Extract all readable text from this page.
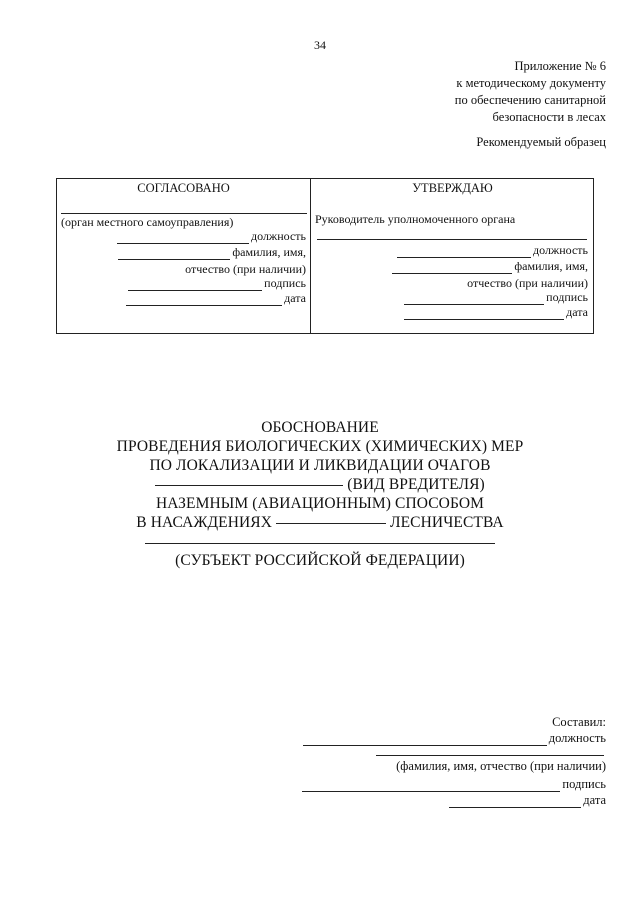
34
Приложение № 6
к методическому документу
по обеспечению санитарной
безопасности в лесах
Рекомендуемый образец
СОГЛАСОВАНО
(орган местного самоуправления)
должность
фамилия, имя,
отчество (при наличии)
подпись
дата
УТВЕРЖДАЮ
Руководитель уполномоченного органа
должность
фамилия, имя,
отчество (при наличии)
подпись
дата
ОБОСНОВАНИЕ
ПРОВЕДЕНИЯ БИОЛОГИЧЕСКИХ (ХИМИЧЕСКИХ) МЕР
ПО ЛОКАЛИЗАЦИИ И ЛИКВИДАЦИИ ОЧАГОВ
(ВИД ВРЕДИТЕЛЯ)
НАЗЕМНЫМ (АВИАЦИОННЫМ) СПОСОБОМ
В НАСАЖДЕНИЯХ	ЛЕСНИЧЕСТВА
(СУБЪЕКТ РОССИЙСКОЙ ФЕДЕРАЦИИ)
Составил:
должность
(фамилия, имя, отчество (при наличии)
подпись
дата
